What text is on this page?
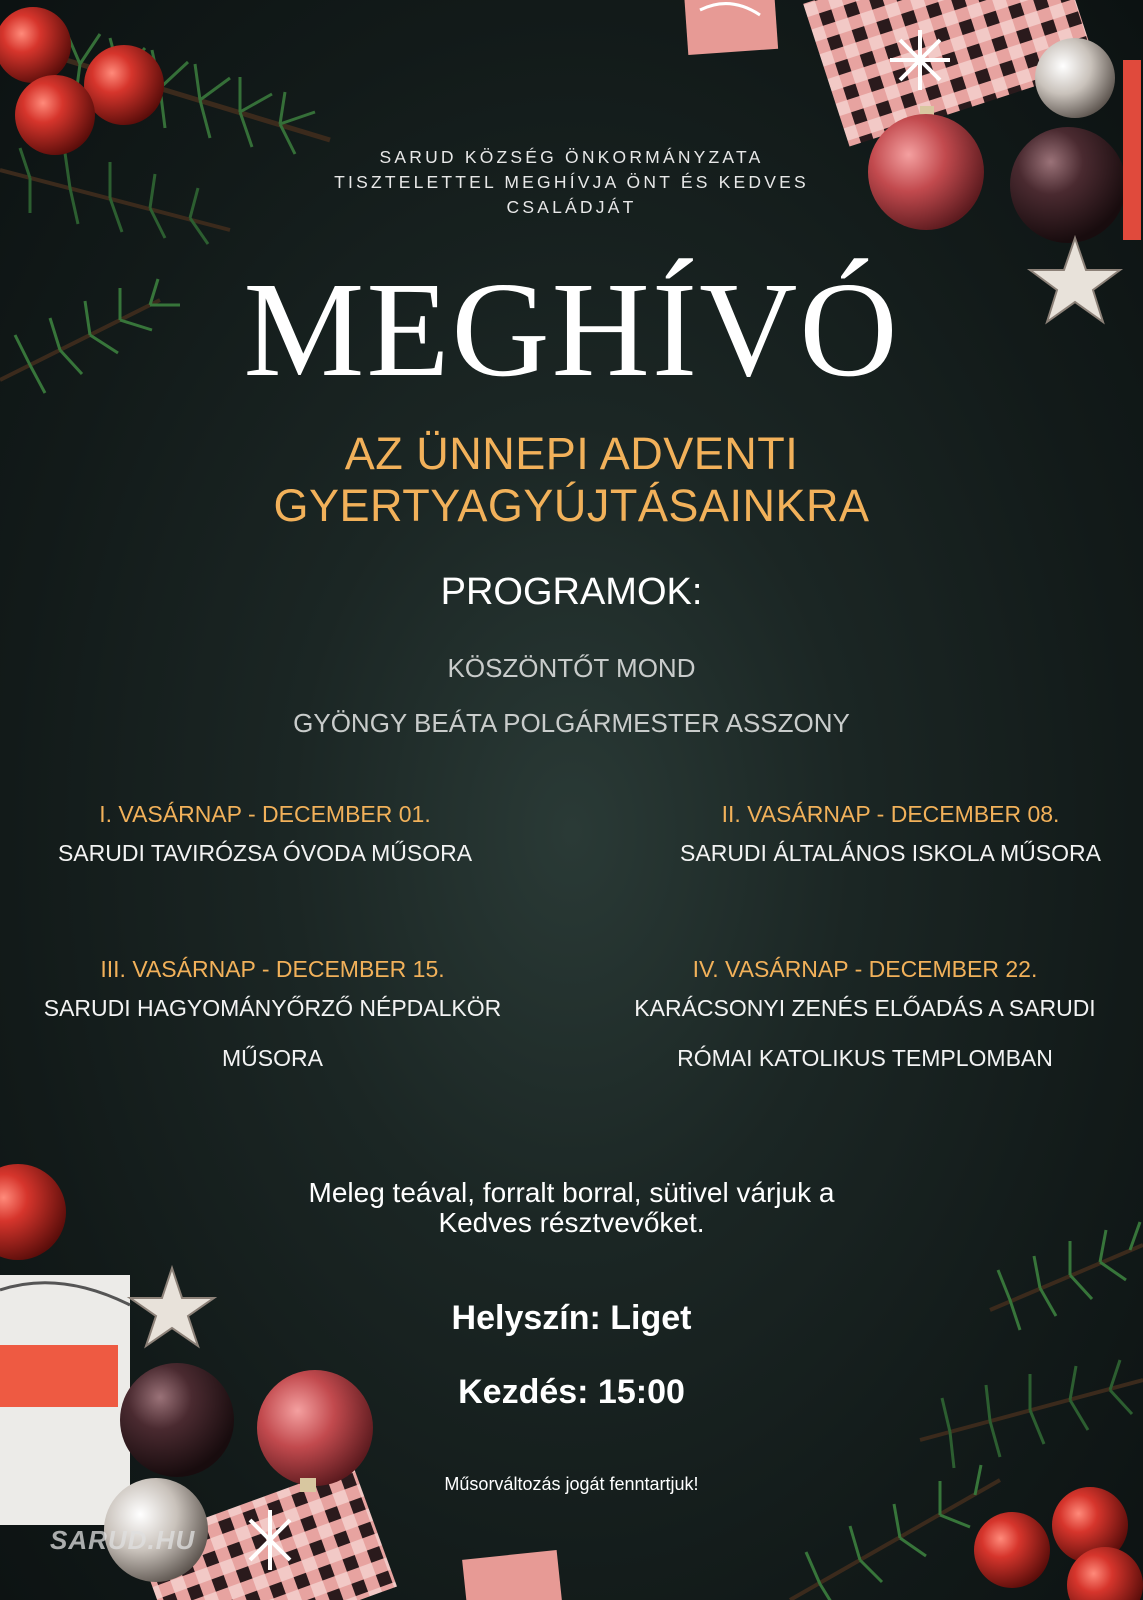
SARUD KÖZSÉG ÖNKORMÁNYZATA
TISZTELETTEL MEGHÍVJA ÖNT ÉS KEDVES
CSALÁDJÁT
MEGHÍVÓ
AZ ÜNNEPI ADVENTI
GYERTYAGYÚJTÁSAINKRA
PROGRAMOK:
KÖSZÖNTŐT MOND
GYÖNGY BEÁTA POLGÁRMESTER ASSZONY
I. VASÁRNAP - DECEMBER 01.
SARUDI TAVIRÓZSA ÓVODA MŰSORA
II. VASÁRNAP - DECEMBER 08.
SARUDI ÁLTALÁNOS ISKOLA MŰSORA
III. VASÁRNAP - DECEMBER 15.
SARUDI HAGYOMÁNYŐRZŐ NÉPDALKÖR
MŰSORA
IV. VASÁRNAP - DECEMBER 22.
KARÁCSONYI ZENÉS ELŐADÁS A SARUDI
RÓMAI KATOLIKUS TEMPLOMBAN
Meleg teával, forralt borral, sütivel várjuk a
Kedves résztvevőket.
Helyszín: Liget
Kezdés: 15:00
Műsorváltozás jogát fenntartjuk!
SARUD.HU
